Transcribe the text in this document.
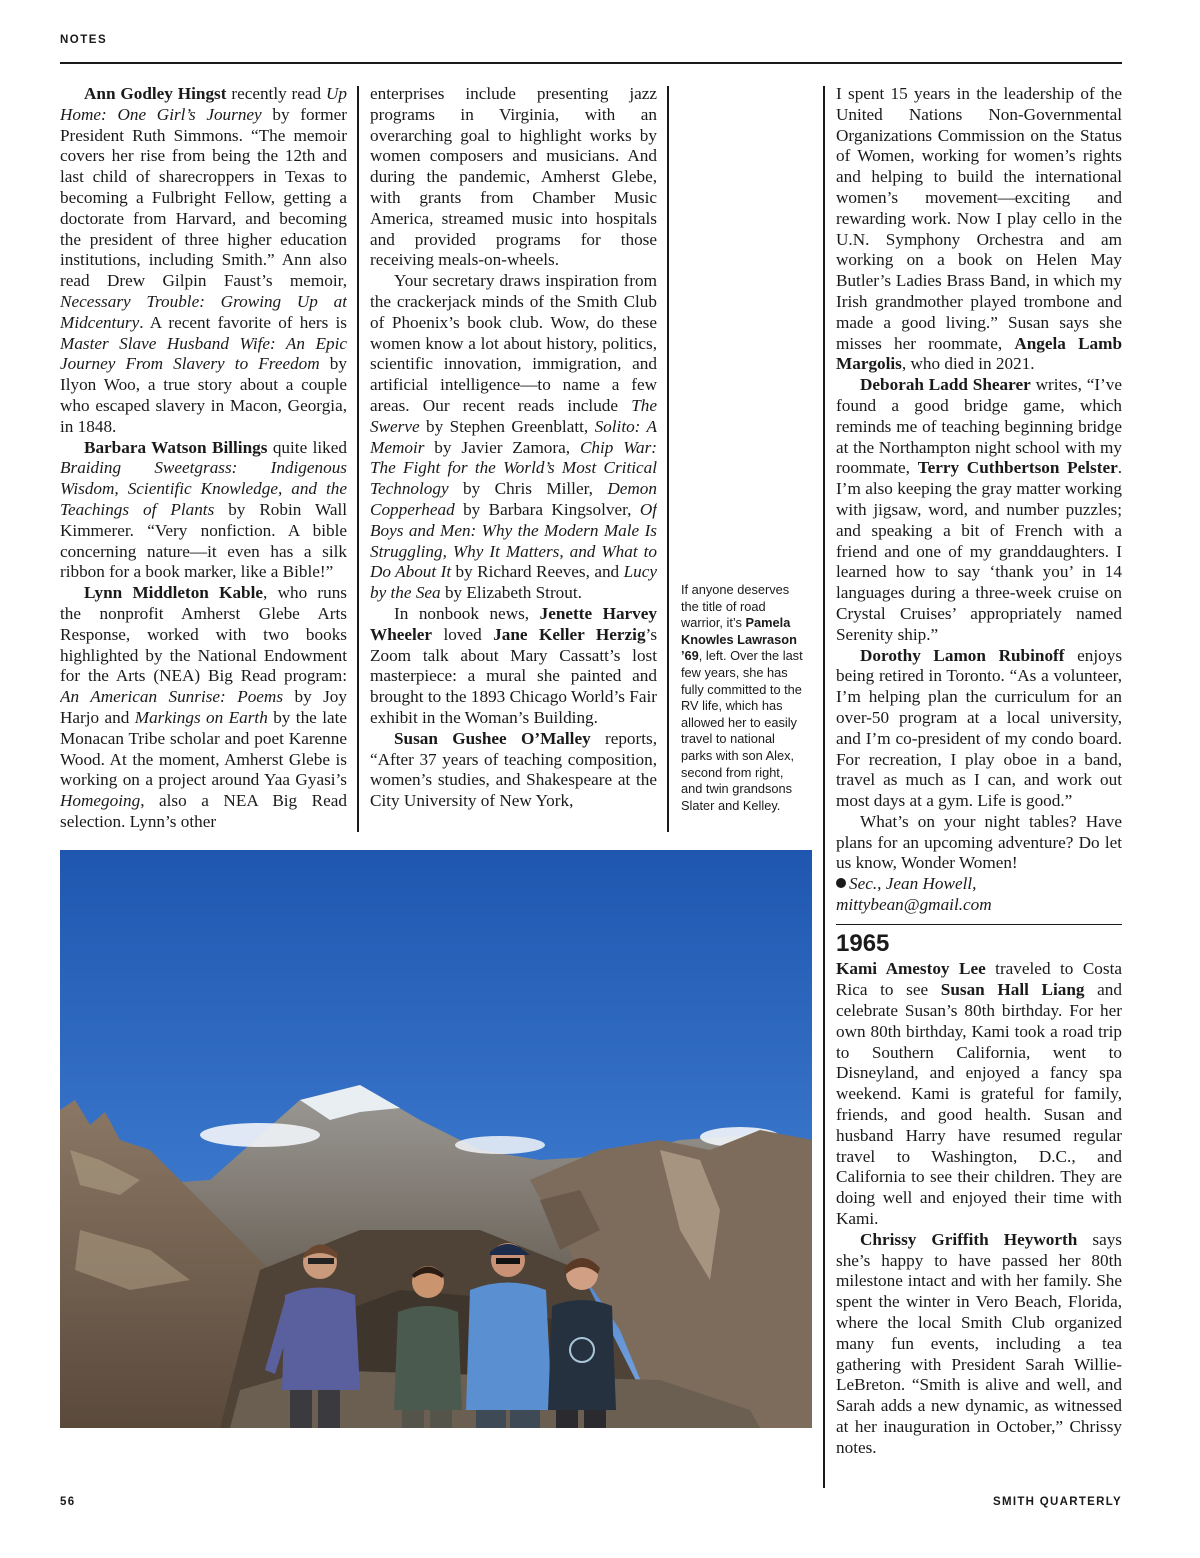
NOTES

Ann Godley Hingst recently read Up Home: One Girl’s Journey by former President Ruth Simmons. “The memoir covers her rise from being the 12th and last child of sharecroppers in Texas to becoming a Fulbright Fellow, getting a doctorate from Harvard, and becoming the president of three higher education institutions, including Smith.” Ann also read Drew Gilpin Faust’s memoir, Necessary Trouble: Growing Up at Midcentury. A recent favorite of hers is Master Slave Husband Wife: An Epic Journey From Slavery to Freedom by Ilyon Woo, a true story about a couple who escaped slavery in Macon, Georgia, in 1848.

Barbara Watson Billings quite liked Braiding Sweetgrass: Indigenous Wisdom, Scientific Knowledge, and the Teachings of Plants by Robin Wall Kimmerer. “Very nonfiction. A bible concerning nature—it even has a silk ribbon for a book marker, like a Bible!”

Lynn Middleton Kable, who runs the nonprofit Amherst Glebe Arts Response, worked with two books highlighted by the National Endowment for the Arts (NEA) Big Read program: An American Sunrise: Poems by Joy Harjo and Markings on Earth by the late Monacan Tribe scholar and poet Karenne Wood. At the moment, Amherst Glebe is working on a project around Yaa Gyasi’s Homegoing, also a NEA Big Read selection. Lynn’s other

enterprises include presenting jazz programs in Virginia, with an overarching goal to highlight works by women composers and musicians. And during the pandemic, Amherst Glebe, with grants from Chamber Music America, streamed music into hospitals and provided programs for those receiving meals-on-wheels.

Your secretary draws inspiration from the crackerjack minds of the Smith Club of Phoenix’s book club. Wow, do these women know a lot about history, politics, scientific innovation, immigration, and artificial intelligence—to name a few areas. Our recent reads include The Swerve by Stephen Greenblatt, Solito: A Memoir by Javier Zamora, Chip War: The Fight for the World’s Most Critical Technology by Chris Miller, Demon Copperhead by Barbara Kingsolver, Of Boys and Men: Why the Modern Male Is Struggling, Why It Matters, and What to Do About It by Richard Reeves, and Lucy by the Sea by Elizabeth Strout.

In nonbook news, Jenette Harvey Wheeler loved Jane Keller Herzig’s Zoom talk about Mary Cassatt’s lost masterpiece: a mural she painted and brought to the 1893 Chicago World’s Fair exhibit in the Woman’s Building.

Susan Gushee O’Malley reports, “After 37 years of teaching composition, women’s studies, and Shakespeare at the City University of New York,

If anyone deserves the title of road warrior, it’s Pamela Knowles Lawrason ’69, left. Over the last few years, she has fully committed to the RV life, which has allowed her to easily travel to national parks with son Alex, second from right, and twin grandsons Slater and Kelley.

I spent 15 years in the leadership of the United Nations Non-Governmental Organizations Commission on the Status of Women, working for women’s rights and helping to build the international women’s movement—exciting and rewarding work. Now I play cello in the U.N. Symphony Orchestra and am working on a book on Helen May Butler’s Ladies Brass Band, in which my Irish grandmother played trombone and made a good living.” Susan says she misses her roommate, Angela Lamb Margolis, who died in 2021.

Deborah Ladd Shearer writes, “I’ve found a good bridge game, which reminds me of teaching beginning bridge at the Northampton night school with my roommate, Terry Cuthbertson Pelster. I’m also keeping the gray matter working with jigsaw, word, and number puzzles; and speaking a bit of French with a friend and one of my granddaughters. I learned how to say ‘thank you’ in 14 languages during a three-week cruise on Crystal Cruises’ appropriately named Serenity ship.”

Dorothy Lamon Rubinoff enjoys being retired in Toronto. “As a volunteer, I’m helping plan the curriculum for an over-50 program at a local university, and I’m co-president of my condo board. For recreation, I play oboe in a band, travel as much as I can, and work out most days at a gym. Life is good.”

What’s on your night tables? Have plans for an upcoming adventure? Do let us know, Wonder Women!

Sec., Jean Howell,
mittybean@gmail.com

1965

Kami Amestoy Lee traveled to Costa Rica to see Susan Hall Liang and celebrate Susan’s 80th birthday. For her own 80th birthday, Kami took a road trip to Southern California, went to Disneyland, and enjoyed a fancy spa weekend. Kami is grateful for family, friends, and good health. Susan and husband Harry have resumed regular travel to Washington, D.C., and California to see their children. They are doing well and enjoyed their time with Kami.

Chrissy Griffith Heyworth says she’s happy to have passed her 80th milestone intact and with her family. She spent the winter in Vero Beach, Florida, where the local Smith Club organized many fun events, including a tea gathering with President Sarah Willie-LeBreton. “Smith is alive and well, and Sarah adds a new dynamic, as witnessed at her inauguration in October,” Chrissy notes.

56	SMITH QUARTERLY
